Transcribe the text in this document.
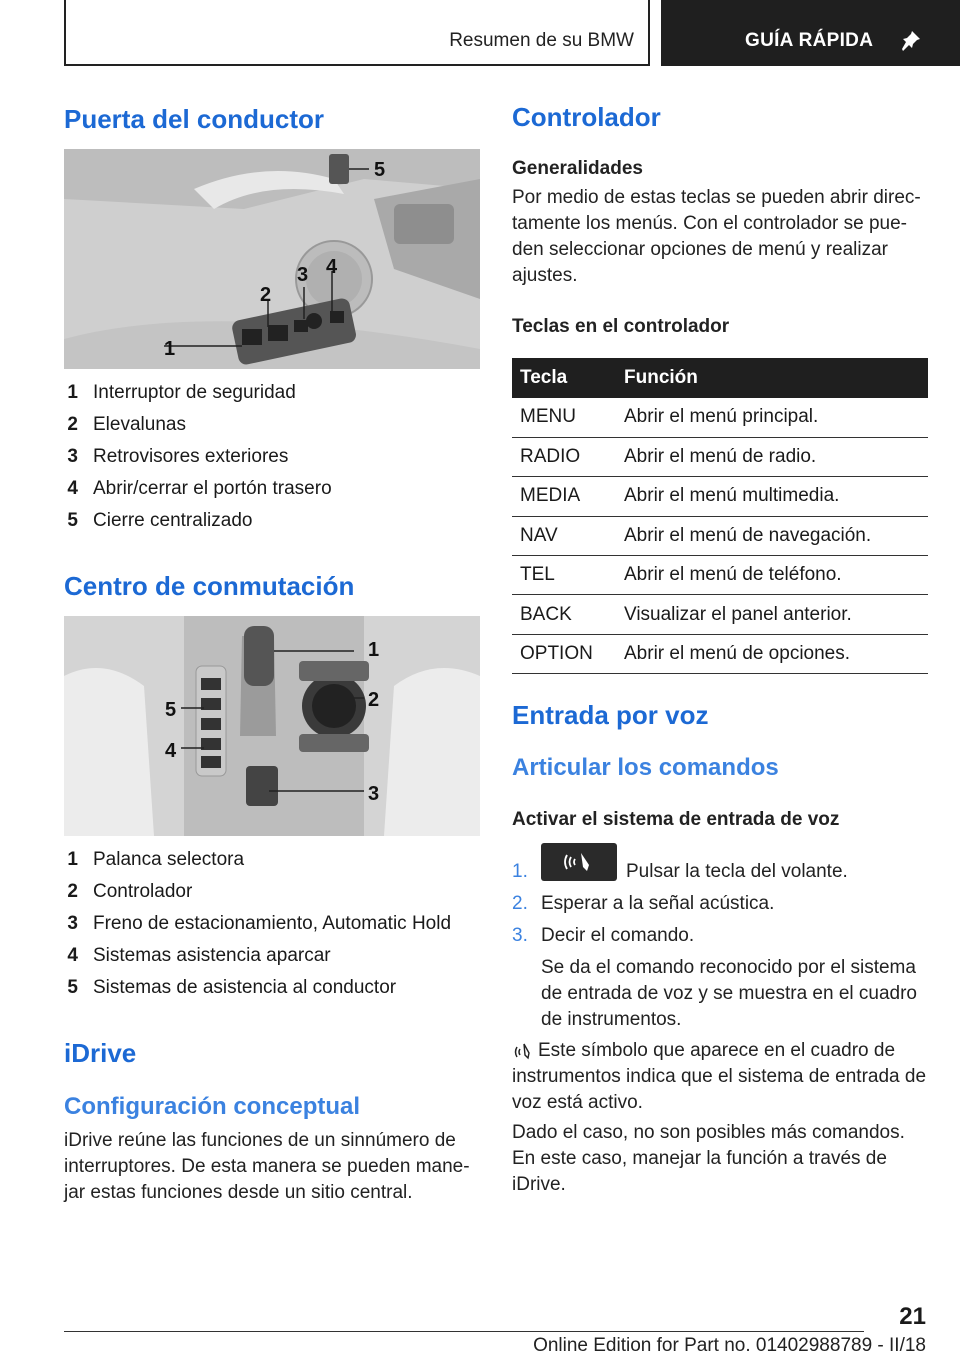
Resumen de su BMW	GUÍA RÁPIDA
Puerta del conductor
1
2
3 4
5
1 Interruptor de seguridad
2 Elevalunas
3 Retrovisores exteriores
4 Abrir/cerrar el portón trasero
5 Cierre centralizado
Centro de conmutación
1
2
3
4
5
1 Palanca selectora
2 Controlador
3 Freno de estacionamiento, Automatic Hold
4 Sistemas asistencia aparcar
5 Sistemas de asistencia al conductor
iDrive
Configuración conceptual
iDrive reúne las funciones de un sinnúmero de
interruptores. De esta manera se pueden mane‐
jar estas funciones desde un sitio central.
Controlador
Generalidades
Por medio de estas teclas se pueden abrir direc‐
tamente los menús. Con el controlador se pue‐
den seleccionar opciones de menú y realizar
ajustes.
Teclas en el controlador
Tecla	Función
MENU	Abrir el menú principal.
RADIO	Abrir el menú de radio.
MEDIA	Abrir el menú multimedia.
NAV	Abrir el menú de navegación.
TEL	Abrir el menú de teléfono.
BACK	Visualizar el panel anterior.
OPTION	Abrir el menú de opciones.
Entrada por voz
Articular los comandos
Activar el sistema de entrada de voz
1.	Pulsar la tecla del volante.
2. Esperar a la señal acústica.
3. Decir el comando.
Se da el comando reconocido por el sistema
de entrada de voz y se muestra en el cuadro
de instrumentos.
Este símbolo que aparece en el cuadro de
instrumentos indica que el sistema de entrada de
voz está activo.
Dado el caso, no son posibles más comandos.
En este caso, manejar la función a través de
iDrive.
21
Online Edition for Part no. 01402988789 - II/18
